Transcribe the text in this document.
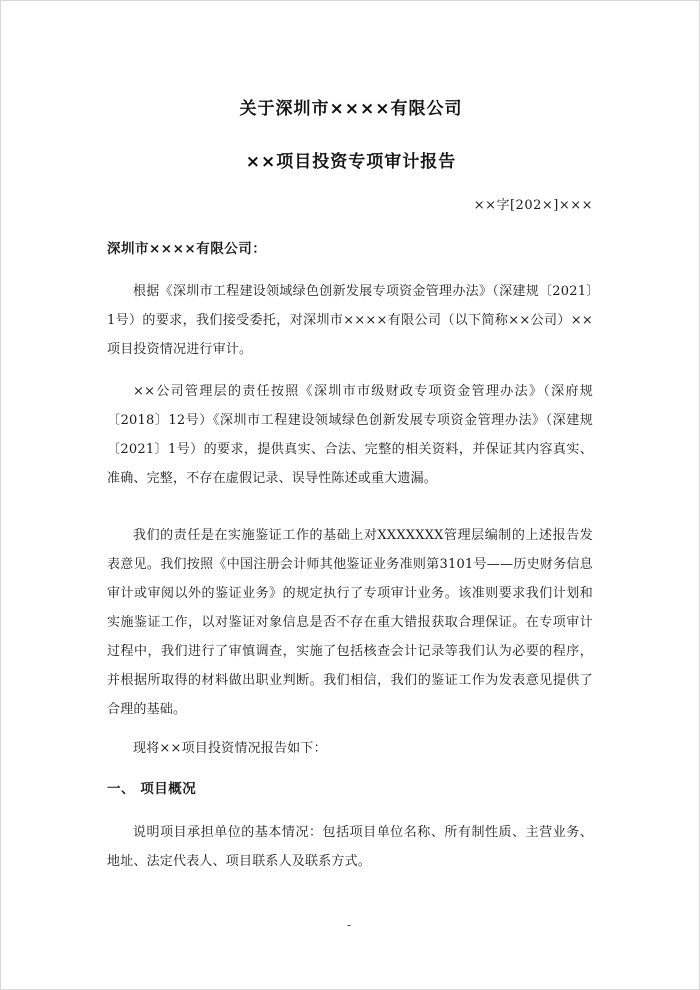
关于深圳市××××有限公司
××项目投资专项审计报告
××字[202×]×××
深圳市××××有限公司：

根据《深圳市工程建设领域绿色创新发展专项资金管理办法》（深建规〔2021〕1号）的要求，我们接受委托，对深圳市××××有限公司（以下简称××公司）××项目投资情况进行审计。

××公司管理层的责任按照《深圳市市级财政专项资金管理办法》（深府规〔2018〕12号）《深圳市工程建设领域绿色创新发展专项资金管理办法》（深建规〔2021〕1号）的要求，提供真实、合法、完整的相关资料，并保证其内容真实、准确、完整，不存在虚假记录、误导性陈述或重大遗漏。

我们的责任是在实施鉴证工作的基础上对XXXXXXX管理层编制的上述报告发表意见。我们按照《中国注册会计师其他鉴证业务准则第3101号——历史财务信息审计或审阅以外的鉴证业务》的规定执行了专项审计业务。该准则要求我们计划和实施鉴证工作，以对鉴证对象信息是否不存在重大错报获取合理保证。在专项审计过程中，我们进行了审慎调查，实施了包括核查会计记录等我们认为必要的程序，并根据所取得的材料做出职业判断。我们相信，我们的鉴证工作为发表意见提供了合理的基础。

现将××项目投资情况报告如下：

一、 项目概况

说明项目承担单位的基本情况：包括项目单位名称、所有制性质、主营业务、地址、法定代表人、项目联系人及联系方式。

-
